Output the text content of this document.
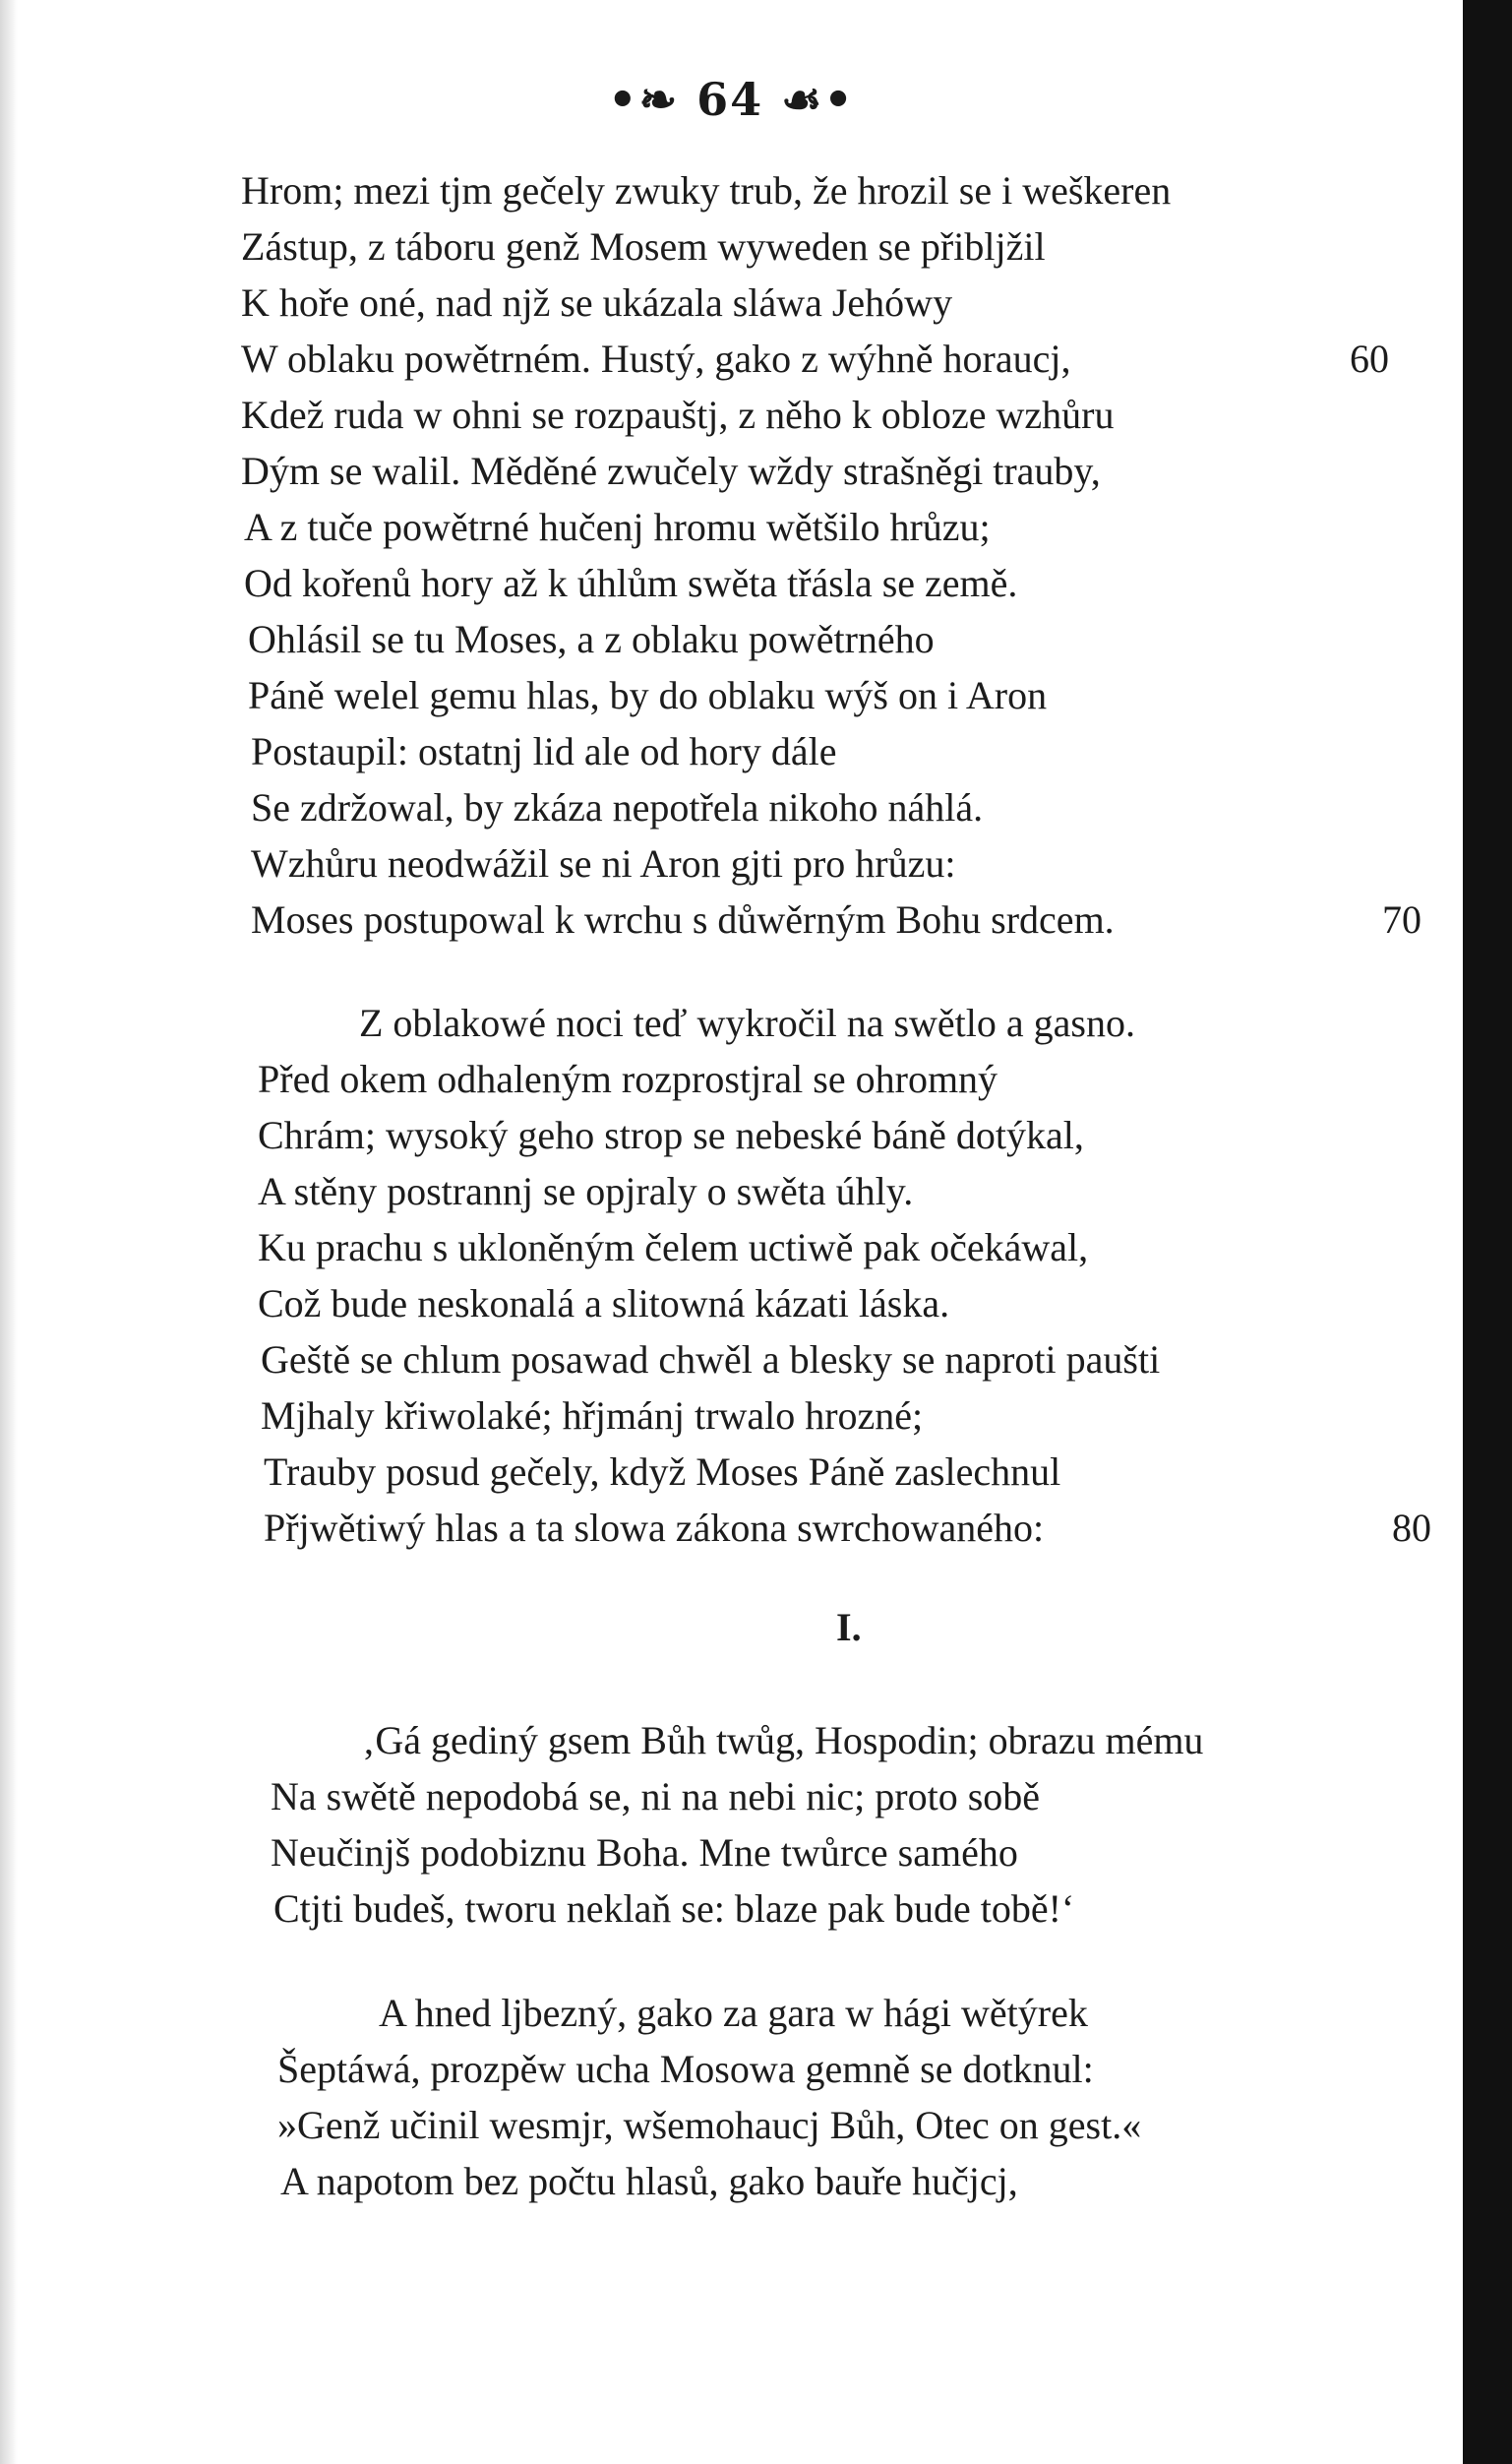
•❧ 64 ☙•
Hrom; mezi tjm gečely zwuky trub, že hrozil se i weškeren
Zástup, z táboru genž Mosem wyweden se přibljžil
K hoře oné, nad njž se ukázala sláwa Jehówy
W oblaku powětrném. Hustý, gako z wýhně horaucj,	60
Kdež ruda w ohni se rozpauštj, z něho k obloze wzhůru
Dým se walil. Měděné zwučely wždy strašněgi trauby,
A z tuče powětrné hučenj hromu wětšilo hrůzu;
Od kořenů hory až k úhlům swěta třásla se země.
Ohlásil se tu Moses, a z oblaku powětrného
Páně welel gemu hlas, by do oblaku wýš on i Aron
Postaupil: ostatnj lid ale od hory dále
Se zdržowal, by zkáza nepotřela nikoho náhlá.
Wzhůru neodwážil se ni Aron gjti pro hrůzu:
Moses postupowal k wrchu s důwěrným Bohu srdcem.	70
Z oblakowé noci teď wykročil na swětlo a gasno.
Před okem odhaleným rozprostjral se ohromný
Chrám; wysoký geho strop se nebeské báně dotýkal,
A stěny postrannj se opjraly o swěta úhly.
Ku prachu s ukloněným čelem uctiwě pak očekáwal,
Což bude neskonalá a slitowná kázati láska.
Geště se chlum posawad chwěl a blesky se naproti paušti
Mjhaly křiwolaké; hřjmánj trwalo hrozné;
Trauby posud gečely, když Moses Páně zaslechnul
Přjwětiwý hlas a ta slowa zákona swrchowaného:	80
I.
‚Gá gediný gsem Bůh twůg, Hospodin; obrazu mému
Na swětě nepodobá se, ni na nebi nic; proto sobě
Neučinjš podobiznu Boha. Mne twůrce samého
Ctjti budeš, tworu neklaň se: blaze pak bude tobě!‘
A hned ljbezný, gako za gara w hági wětýrek
Šeptáwá, prozpěw ucha Mosowa gemně se dotknul:
»Genž učinil wesmjr, wšemohaucj Bůh, Otec on gest.«
A napotom bez počtu hlasů, gako bauře hučjcj,
